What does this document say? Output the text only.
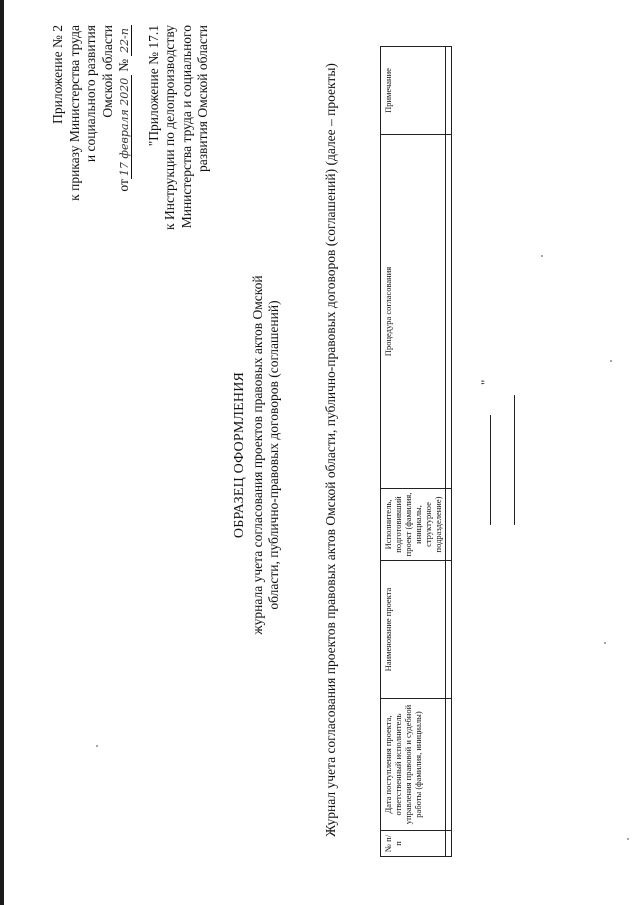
Приложение № 2 к приказу Министерства труда и социального развития Омской области
от17 февраля 2020№22-п "Приложение № 17.1 к Инструкции по делопроизводству Министерства труда и социального развития Омской области
ОБРАЗЕЦ ОФОРМЛЕНИЯ журнала учета согласования проектов правовых актов Омской области, публично-правовых договоров (соглашений)	Журнал учета согласования проектов правовых актов Омской области, публично-правовых договоров (соглашений) (далее – проекты)
№ п/п	Дата поступления проекта, ответственный исполнитель управления правовой и судебной работы (фамилия, инициалы)	Наименование проекта	Исполнитель, подготовивший проект (фамилия, инициалы, структурное подразделение)	Процедура согласования	Примечание

"
